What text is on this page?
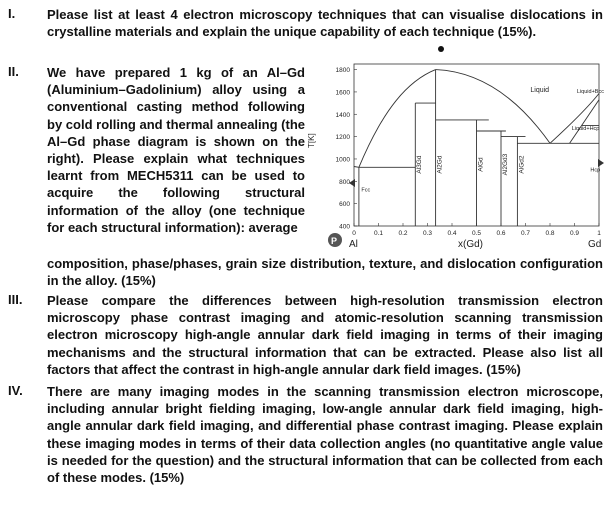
I. Please list at least 4 electron microscopy techniques that can visualise dislocations in crystalline materials and explain the unique capability of each technique (15%).
II. We have prepared 1 kg of an Al–Gd (Aluminium–Gadolinium) alloy using a conventional casting method following by cold rolling and thermal annealing (the Al–Gd phase diagram is shown on the right). Please explain what techniques learnt from MECH5311 can be used to acquire the following structural information of the alloy (one technique for each structural information): average
composition, phase/phases, grain size distribution, texture, and dislocation configuration in the alloy. (15%)
T[K]
400
600
800
1000
1200
1400
1600
1800
0	0.1 0.2 0.3 0.4 0.5 0.6 0.7 0.8 0.9	1
Al3Gd Al2Gd	AlGd	Al2Gd3 AlGd2
Liquid	Liquid+Bcc
Liquid+Hcp
Hcp
Fcc
P Al	x(Gd)	Gd
III. Please compare the differences between high-resolution transmission electron microscopy phase contrast imaging and atomic-resolution scanning transmission electron microscopy high-angle annular dark field imaging in terms of their imaging mechanisms and the structural information that can be extracted. Please also list all factors that affect the contrast in high-angle annular dark field images. (15%)
IV. There are many imaging modes in the scanning transmission electron microscope, including annular bright fielding imaging, low-angle annular dark field imaging, high-angle annular dark field imaging, and differential phase contrast imaging. Please explain these imaging modes in terms of their data collection angles (no quantitative angle value is needed for the question) and the structural information that can be collected from each of these modes. (15%)
